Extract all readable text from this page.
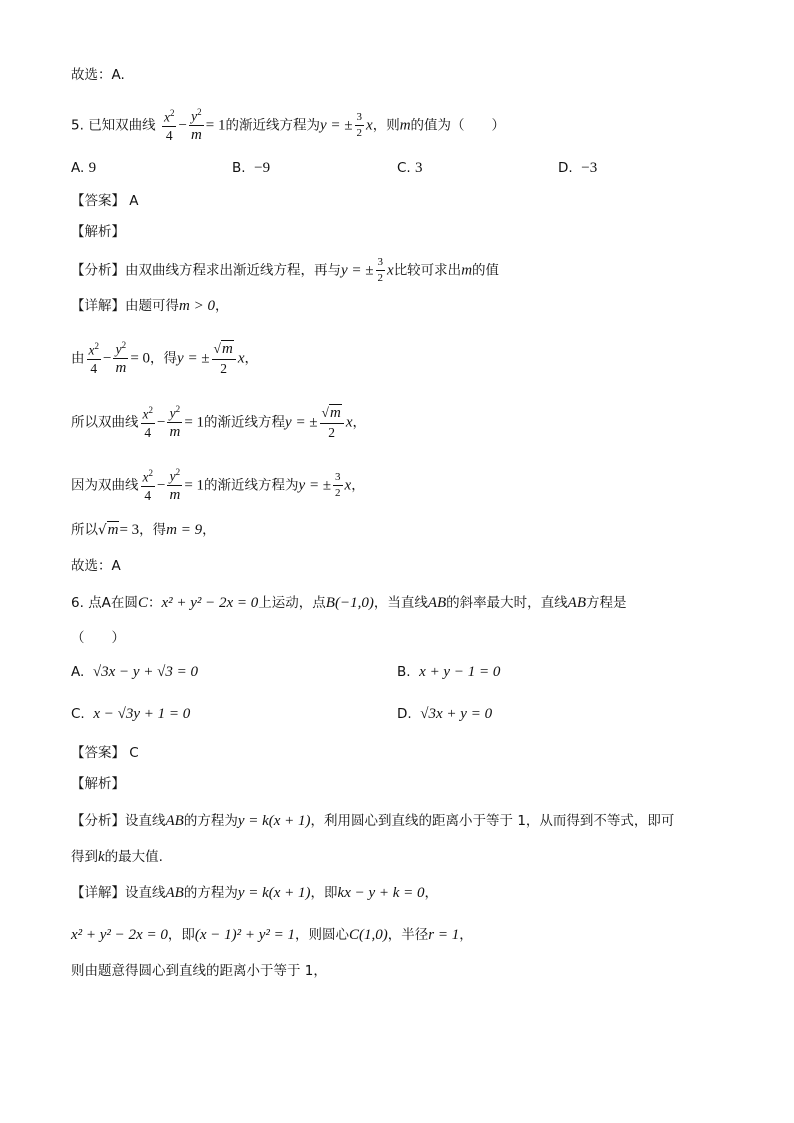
故选：A.
5. 已知双曲线 $\frac{x^2}{4} - \frac{y^2}{m} = 1$的渐近线方程为y = ± $\frac{3}{2}$ x，则m的值为（　　）
A. 9	B. −9	C. 3	D. −3
【答案】 A
【解析】
【分析】由双曲线方程求出渐近线方程，再与y = ± $\frac{3}{2}$ x比较可求出m的值
【详解】由题可得m > 0，
由 $\frac{x^2}{4} - \frac{y^2}{m} = 0$，得y = ± $\frac{√m}{2}$ x，
所以双曲线 $\frac{x^2}{4} - \frac{y^2}{m} = 1$的渐近线方程y = ± $\frac{√m}{2}$ x，
因为双曲线 $\frac{x^2}{4} - \frac{y^2}{m} = 1$的渐近线方程为y = ± $\frac{3}{2}$ x，
所以√m= 3，得m = 9，
故选：A
6. 点A在圆C：x² + y² − 2x = 0上运动，点B(−1,0)，当直线AB的斜率最大时，直线AB方程是
（　　）
A. √3x − y + √3 = 0	B. x + y − 1 = 0
C. x − √3y + 1 = 0	D. √3x + y = 0
【答案】 C
【解析】
【分析】设直线AB的方程为y = k(x + 1)，利用圆心到直线的距离小于等于 1，从而得到不等式，即可
得到k的最大值.
【详解】设直线AB的方程为y = k(x + 1)，即kx − y + k = 0，
x² + y² − 2x = 0，即(x − 1)² + y² = 1，则圆心C(1,0)，半径r = 1，
则由题意得圆心到直线的距离小于等于 1，
